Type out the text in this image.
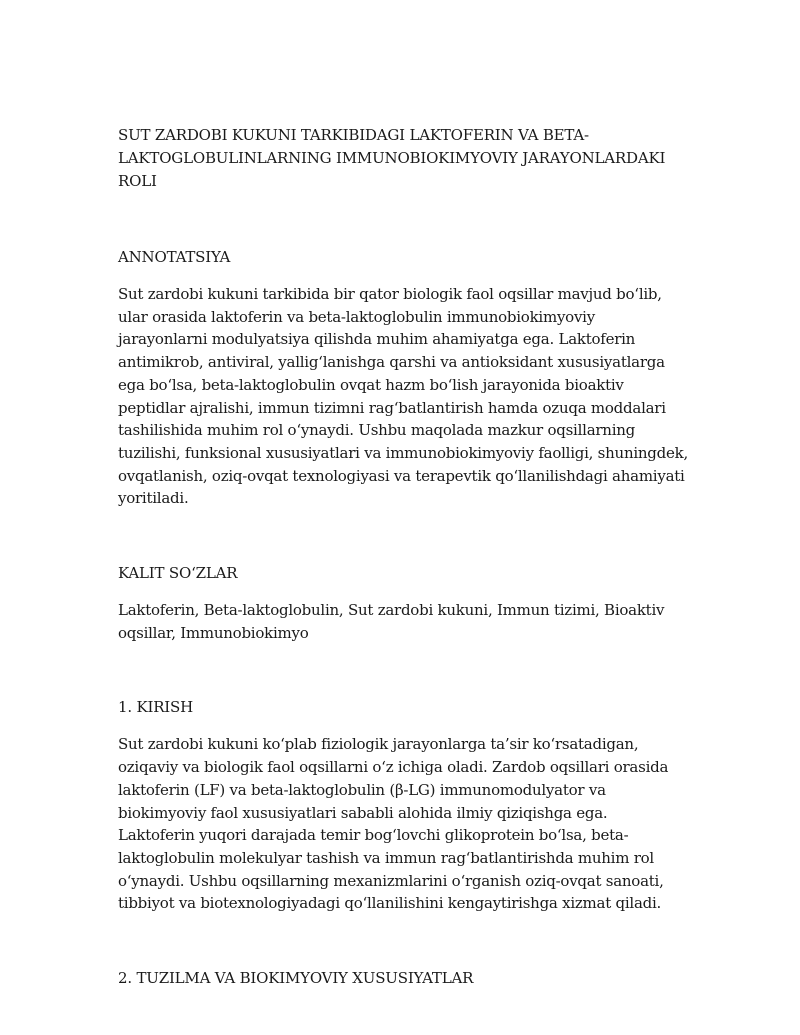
SUT ZARDOBI KUKUNI TARKIBIDAGI LAKTOFERIN VA BETA-
LAKTOGLOBULINLARNING IMMUNOBIOKIMYOVIY JARAYONLARDAKI ROLI
ANNOTATSIYA

Sut zardobi kukuni tarkibida bir qator biologik faol oqsillar mavjud bo‘lib, ular orasida laktoferin va beta-laktoglobulin immunobiokimyoviy jarayonlarni modulyatsiya qilishda muhim ahamiyatga ega. Laktoferin antimikrob, antiviral, yallig‘lanishga qarshi va antioksidant xususiyatlarga ega bo‘lsa, beta-laktoglobulin ovqat hazm bo‘lish jarayonida bioaktiv peptidlar ajralishi, immun tizimni rag‘batlantirish hamda ozuqa moddalari tashilishida muhim rol o‘ynaydi. Ushbu maqolada mazkur oqsillarning tuzilishi, funksional xususiyatlari va immunobiokimyoviy faolligi, shuningdek, ovqatlanish, oziq-ovqat texnologiyasi va terapevtik qo‘llanilishdagi ahamiyati yoritiladi.

KALIT SO‘ZLAR

Laktoferin, Beta-laktoglobulin, Sut zardobi kukuni, Immun tizimi, Bioaktiv oqsillar, Immunobiokimyo

1. KIRISH

Sut zardobi kukuni ko‘plab fiziologik jarayonlarga ta’sir ko‘rsatadigan, oziqaviy va biologik faol oqsillarni o‘z ichiga oladi. Zardob oqsillari orasida laktoferin (LF) va beta-laktoglobulin (β-LG) immunomodulyator va biokimyoviy faol xususiyatlari sababli alohida ilmiy qiziqishga ega. Laktoferin yuqori darajada temir bog‘lovchi glikoprotein bo‘lsa, beta-laktoglobulin molekulyar tashish va immun rag‘batlantirishda muhim rol o‘ynaydi. Ushbu oqsillarning mexanizmlarini o‘rganish oziq-ovqat sanoati, tibbiyot va biotexnologiyadagi qo‘llanilishini kengaytirishga xizmat qiladi.

2. TUZILMA VA BIOKIMYOVIY XUSUSIYATLAR
